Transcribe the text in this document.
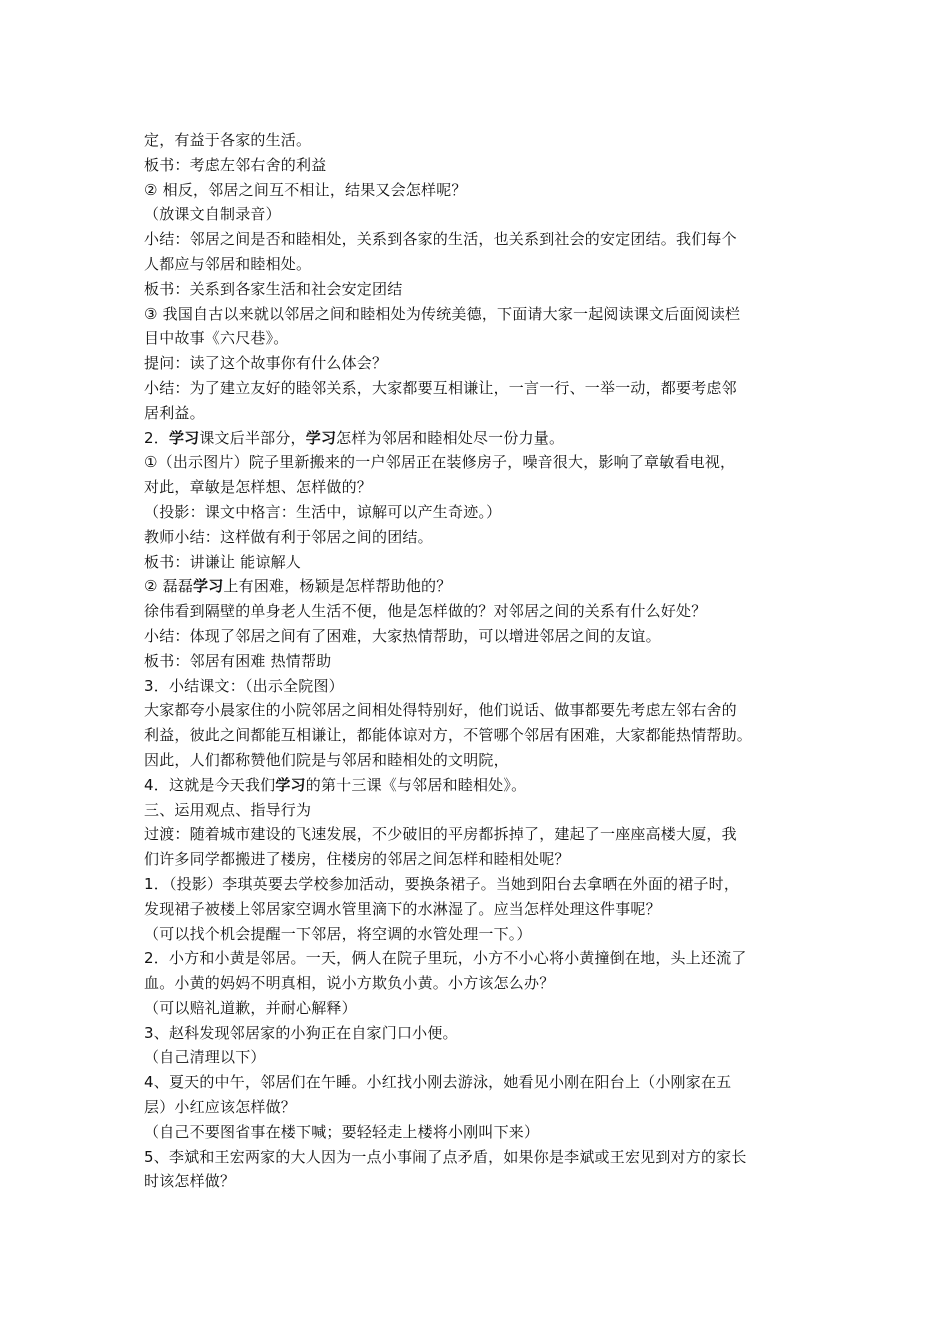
定，有益于各家的生活。
板书：考虑左邻右舍的利益
② 相反，邻居之间互不相让，结果又会怎样呢？
（放课文自制录音）
小结：邻居之间是否和睦相处，关系到各家的生活，也关系到社会的安定团结。我们每个
人都应与邻居和睦相处。
板书：关系到各家生活和社会安定团结
③ 我国自古以来就以邻居之间和睦相处为传统美德，下面请大家一起阅读课文后面阅读栏
目中故事《六尺巷》。
提问：读了这个故事你有什么体会？
小结：为了建立友好的睦邻关系，大家都要互相谦让，一言一行、一举一动，都要考虑邻
居利益。
2．学习课文后半部分，学习怎样为邻居和睦相处尽一份力量。
①（出示图片）院子里新搬来的一户邻居正在装修房子，噪音很大，影响了章敏看电视，
对此，章敏是怎样想、怎样做的？
（投影：课文中格言：生活中，谅解可以产生奇迹。）
教师小结：这样做有利于邻居之间的团结。
板书：讲谦让 能谅解人
② 磊磊学习上有困难，杨颖是怎样帮助他的？
徐伟看到隔壁的单身老人生活不便，他是怎样做的？对邻居之间的关系有什么好处？
小结：体现了邻居之间有了困难，大家热情帮助，可以增进邻居之间的友谊。
板书：邻居有困难 热情帮助
3．小结课文：（出示全院图）
大家都夸小晨家住的小院邻居之间相处得特别好，他们说话、做事都要先考虑左邻右舍的
利益，彼此之间都能互相谦让，都能体谅对方，不管哪个邻居有困难，大家都能热情帮助。
因此，人们都称赞他们院是与邻居和睦相处的文明院，
4．这就是今天我们学习的第十三课《与邻居和睦相处》。
三、运用观点、指导行为
过渡：随着城市建设的飞速发展，不少破旧的平房都拆掉了，建起了一座座高楼大厦，我
们许多同学都搬进了楼房，住楼房的邻居之间怎样和睦相处呢？
1．（投影）李琪英要去学校参加活动，要换条裙子。当她到阳台去拿晒在外面的裙子时，
发现裙子被楼上邻居家空调水管里滴下的水淋湿了。应当怎样处理这件事呢？
（可以找个机会提醒一下邻居，将空调的水管处理一下。）
2．小方和小黄是邻居。一天，俩人在院子里玩，小方不小心将小黄撞倒在地，头上还流了
血。小黄的妈妈不明真相，说小方欺负小黄。小方该怎么办？
（可以赔礼道歉，并耐心解释）
3、赵科发现邻居家的小狗正在自家门口小便。
（自己清理以下）
4、夏天的中午，邻居们在午睡。小红找小刚去游泳，她看见小刚在阳台上（小刚家在五
层）小红应该怎样做？
（自己不要图省事在楼下喊；要轻轻走上楼将小刚叫下来）
5、李斌和王宏两家的大人因为一点小事闹了点矛盾，如果你是李斌或王宏见到对方的家长
时该怎样做？
